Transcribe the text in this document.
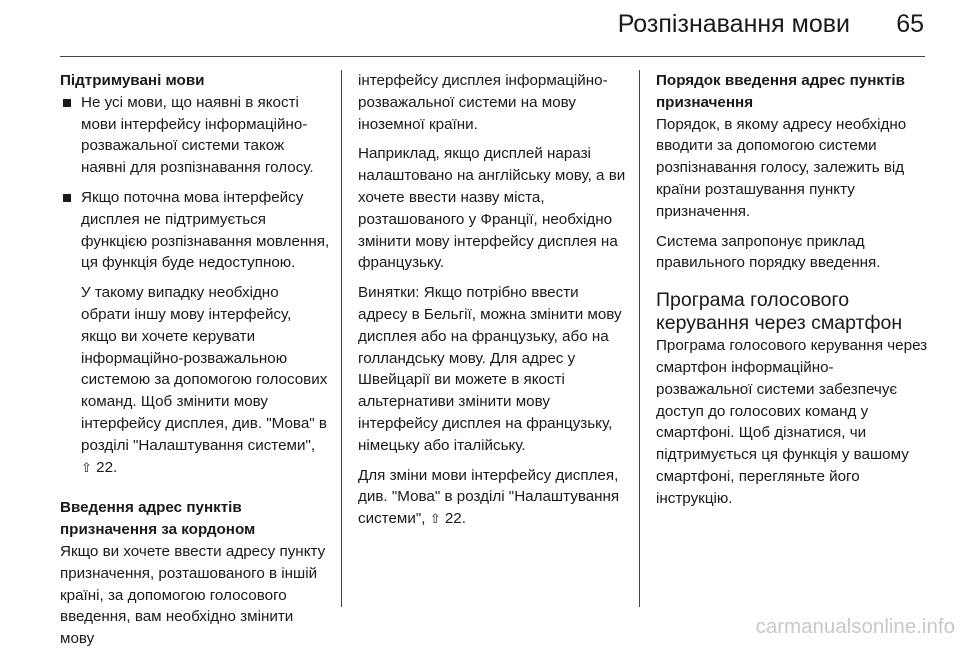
Розпізнавання мови	65
Підтримувані мови
Не усі мови, що наявні в якості мови інтерфейсу інформаційно-розважальної системи також наявні для розпізнавання голосу.
Якщо поточна мова інтерфейсу дисплея не підтримується функцією розпізнавання мовлення, ця функція буде недоступною.
У такому випадку необхідно обрати іншу мову інтерфейсу, якщо ви хочете керувати інформаційно-розважальною системою за допомогою голосових команд. Щоб змінити мову інтерфейсу дисплея, див. "Мова" в розділі "Налаштування системи", ⇧ 22.
Введення адрес пунктів призначення за кордоном
Якщо ви хочете ввести адресу пункту призначення, розташованого в іншій країні, за допомогою голосового введення, вам необхідно змінити мову
інтерфейсу дисплея інформаційно-розважальної системи на мову іноземної країни.
Наприклад, якщо дисплей наразі налаштовано на англійську мову, а ви хочете ввести назву міста, розташованого у Франції, необхідно змінити мову інтерфейсу дисплея на французьку.
Винятки: Якщо потрібно ввести адресу в Бельгії, можна змінити мову дисплея або на французьку, або на голландську мову. Для адрес у Швейцарії ви можете в якості альтернативи змінити мову інтерфейсу дисплея на французьку, німецьку або італійську.
Для зміни мови інтерфейсу дисплея, див. "Мова" в розділі "Налаштування системи", ⇧ 22.
Порядок введення адрес пунктів призначення
Порядок, в якому адресу необхідно вводити за допомогою системи розпізнавання голосу, залежить від країни розташування пункту призначення.
Система запропонує приклад правильного порядку введення.
Програма голосового керування через смартфон
Програма голосового керування через смартфон інформаційно-розважальної системи забезпечує доступ до голосових команд у смартфоні. Щоб дізнатися, чи підтримується ця функція у вашому смартфоні, перегляньте його інструкцію.
carmanualsonline.info
